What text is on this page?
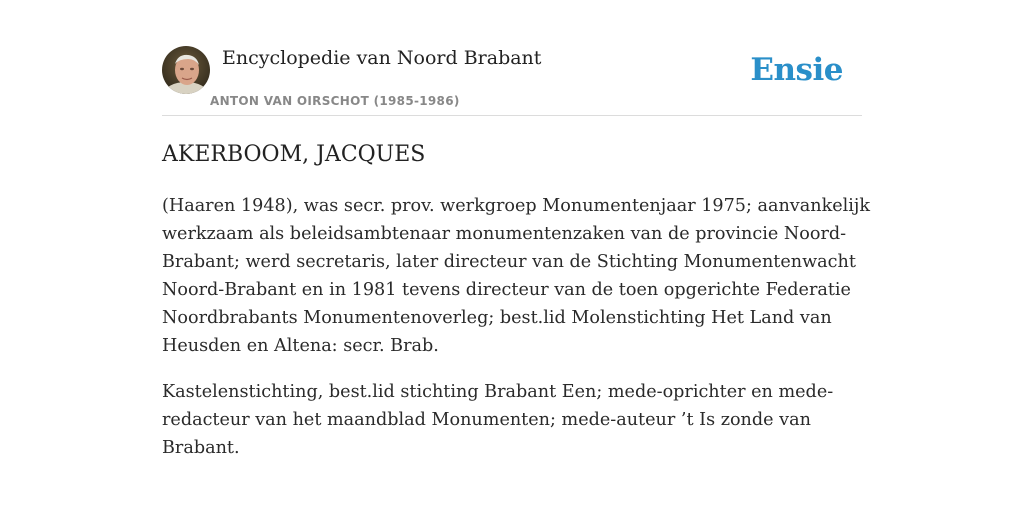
Encyclopedie van Noord Brabant
ANTON VAN OIRSCHOT (1985-1986)
Ensie
AKERBOOM, JACQUES

(Haaren 1948), was secr. prov. werkgroep Monumentenjaar 1975; aanvankelijk werkzaam als beleidsambtenaar monumentenzaken van de provincie Noord-Brabant; werd secretaris, later directeur van de Stichting Monumentenwacht Noord-Brabant en in 1981 tevens directeur van de toen opgerichte Federatie Noordbrabants Monumentenoverleg; best.lid Molenstichting Het Land van Heusden en Altena: secr. Brab.

Kastelenstichting, best.lid stichting Brabant Een; mede-oprichter en mede-redacteur van het maandblad Monumenten; mede-auteur ’t Is zonde van Brabant.
